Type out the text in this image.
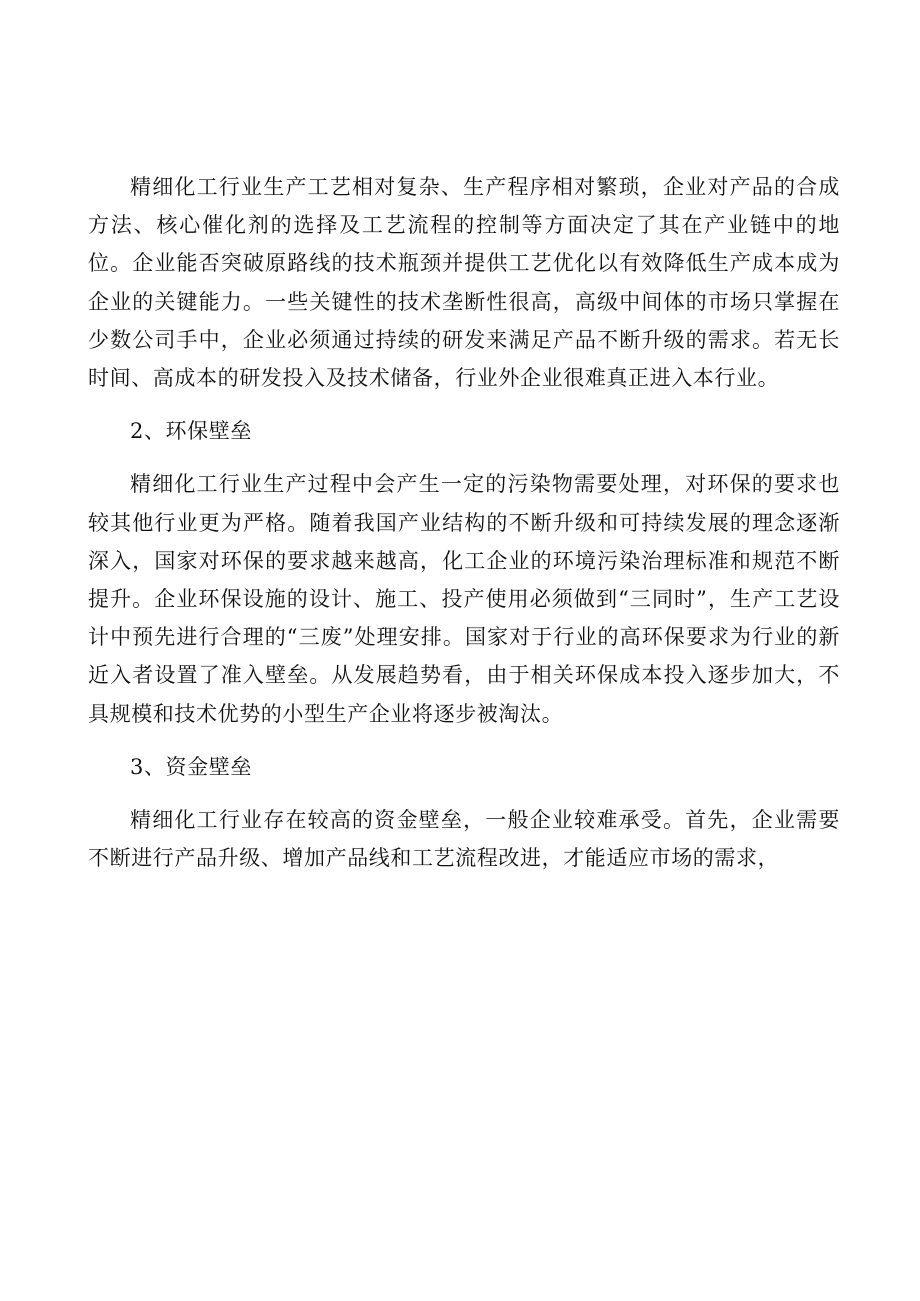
精细化工行业生产工艺相对复杂、生产程序相对繁琐，企业对产品的合成方法、核心催化剂的选择及工艺流程的控制等方面决定了其在产业链中的地位。企业能否突破原路线的技术瓶颈并提供工艺优化以有效降低生产成本成为企业的关键能力。一些关键性的技术垄断性很高，高级中间体的市场只掌握在少数公司手中，企业必须通过持续的研发来满足产品不断升级的需求。若无长时间、高成本的研发投入及技术储备，行业外企业很难真正进入本行业。

2、环保壁垒

精细化工行业生产过程中会产生一定的污染物需要处理，对环保的要求也较其他行业更为严格。随着我国产业结构的不断升级和可持续发展的理念逐渐深入，国家对环保的要求越来越高，化工企业的环境污染治理标准和规范不断提升。企业环保设施的设计、施工、投产使用必须做到“三同时”，生产工艺设计中预先进行合理的“三废”处理安排。国家对于行业的高环保要求为行业的新近入者设置了准入壁垒。从发展趋势看，由于相关环保成本投入逐步加大，不具规模和技术优势的小型生产企业将逐步被淘汰。

3、资金壁垒

精细化工行业存在较高的资金壁垒，一般企业较难承受。首先，企业需要不断进行产品升级、增加产品线和工艺流程改进，才能适应市场的需求，
